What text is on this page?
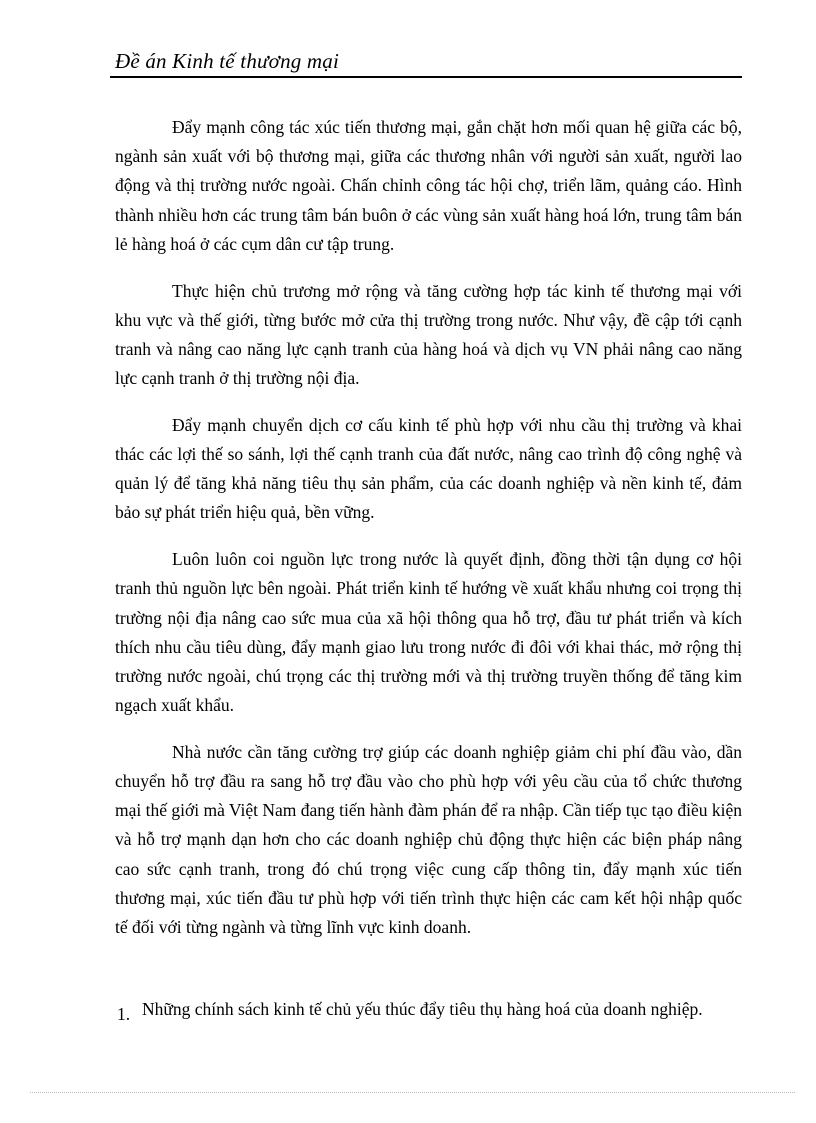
Đề án Kinh tế thương mại

Đẩy mạnh công tác xúc tiến thương mại, gắn chặt hơn mối quan hệ giữa các bộ, ngành sản xuất với bộ thương mại, giữa các thương nhân với người sản xuất, người lao động và thị trường nước ngoài. Chấn chỉnh công tác hội chợ, triển lãm, quảng cáo. Hình thành nhiều hơn các trung tâm bán buôn ở các vùng sản xuất hàng hoá lớn, trung tâm bán lẻ hàng hoá ở các cụm dân cư tập trung.

Thực hiện chủ trương mở rộng và tăng cường hợp tác kinh tế thương mại với khu vực và thế giới, từng bước mở cửa thị trường trong nước. Như vậy, đề cập tới cạnh tranh và nâng cao năng lực cạnh tranh của hàng hoá và dịch vụ VN phải nâng cao năng lực cạnh tranh ở thị trường nội địa.

Đẩy mạnh chuyển dịch cơ cấu kinh tế phù hợp với nhu cầu thị trường và khai thác các lợi thế so sánh, lợi thế cạnh tranh của đất nước, nâng cao trình độ công nghệ và quản lý để tăng khả năng tiêu thụ sản phẩm, của các doanh nghiệp và nền kinh tế, đảm bảo sự phát triển hiệu quả, bền vững.

Luôn luôn coi nguồn lực trong nước là quyết định, đồng thời tận dụng cơ hội tranh thủ nguồn lực bên ngoài. Phát triển kinh tế hướng về xuất khẩu nhưng coi trọng thị trường nội địa nâng cao sức mua của xã hội thông qua hỗ trợ, đầu tư phát triển và kích thích nhu cầu tiêu dùng, đẩy mạnh giao lưu trong nước đi đôi với khai thác, mở rộng thị trường nước ngoài, chú trọng các thị trường mới và thị trường truyền thống để tăng kim ngạch xuất khẩu.

Nhà nước cần tăng cường trợ giúp các doanh nghiệp giảm chi phí đầu vào, dần chuyển hỗ trợ đầu ra sang hỗ trợ đầu vào cho phù hợp với yêu cầu của tổ chức thương mại thế giới mà Việt Nam đang tiến hành đàm phán để ra nhập. Cần tiếp tục tạo điều kiện và hỗ trợ mạnh dạn hơn cho các doanh nghiệp chủ động thực hiện các biện pháp nâng cao sức cạnh tranh, trong đó chú trọng việc cung cấp thông tin, đẩy mạnh xúc tiến thương mại, xúc tiến đầu tư phù hợp với tiến trình thực hiện các cam kết hội nhập quốc tế đối với từng ngành và từng lĩnh vực kinh doanh.

1. Những chính sách kinh tế chủ yếu thúc đẩy tiêu thụ hàng hoá của doanh nghiệp.
